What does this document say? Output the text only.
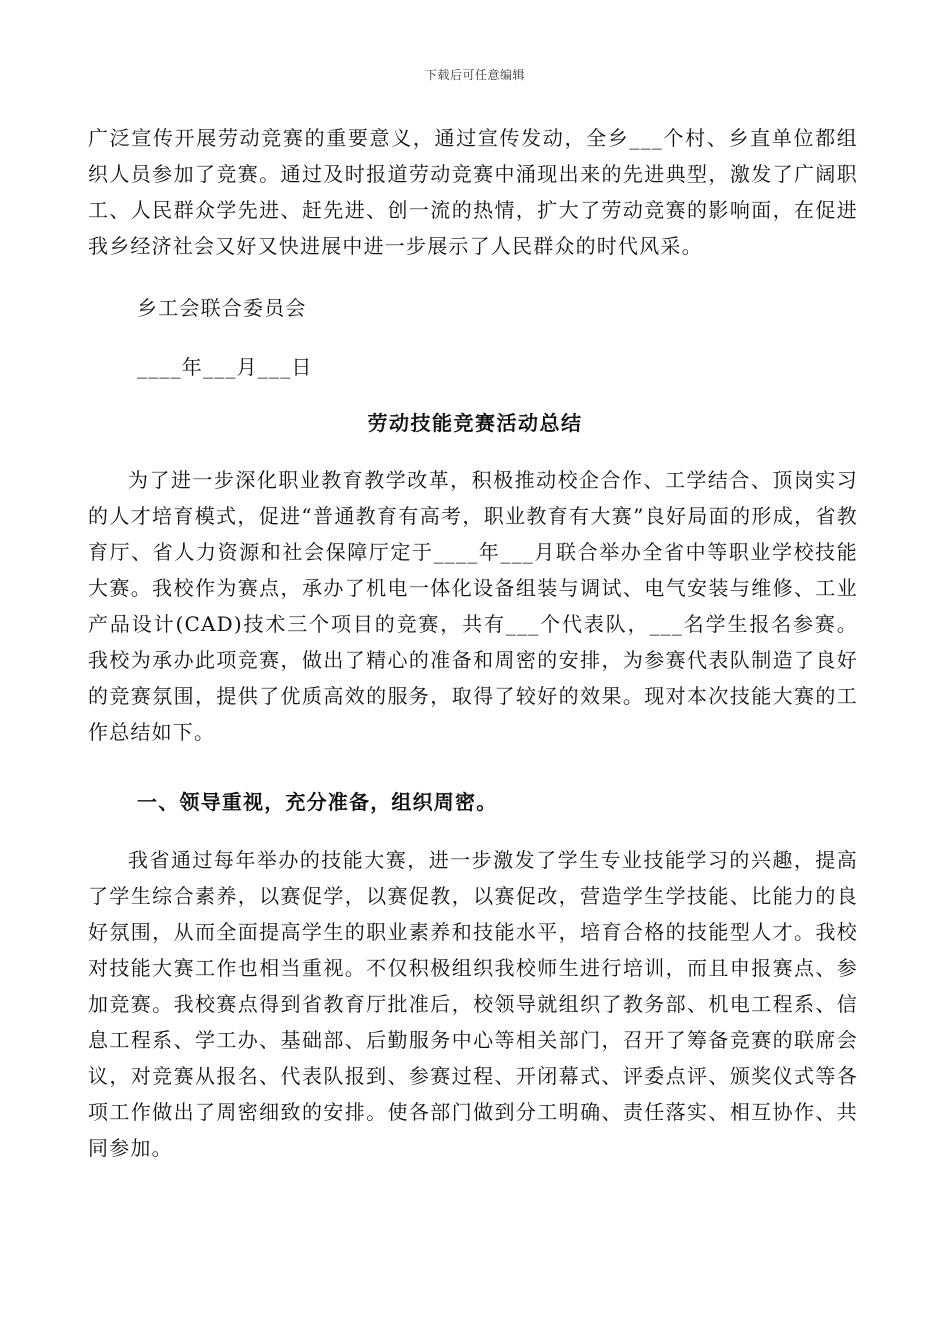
下载后可任意编辑
广泛宣传开展劳动竞赛的重要意义，通过宣传发动，全乡___个村、乡直单位都组织人员参加了竞赛。通过及时报道劳动竞赛中涌现出来的先进典型，激发了广阔职工、人民群众学先进、赶先进、创一流的热情，扩大了劳动竞赛的影响面，在促进我乡经济社会又好又快进展中进一步展示了人民群众的时代风采。
乡工会联合委员会
____年___月___日
劳动技能竞赛活动总结
为了进一步深化职业教育教学改革，积极推动校企合作、工学结合、顶岗实习的人才培育模式，促进“普通教育有高考，职业教育有大赛”良好局面的形成，省教育厅、省人力资源和社会保障厅定于____年___月联合举办全省中等职业学校技能大赛。我校作为赛点，承办了机电一体化设备组装与调试、电气安装与维修、工业产品设计(CAD)技术三个项目的竞赛，共有___个代表队，___名学生报名参赛。我校为承办此项竞赛，做出了精心的准备和周密的安排，为参赛代表队制造了良好的竞赛氛围，提供了优质高效的服务，取得了较好的效果。现对本次技能大赛的工作总结如下。
一、领导重视，充分准备，组织周密。
我省通过每年举办的技能大赛，进一步激发了学生专业技能学习的兴趣，提高了学生综合素养，以赛促学，以赛促教，以赛促改，营造学生学技能、比能力的良好氛围，从而全面提高学生的职业素养和技能水平，培育合格的技能型人才。我校对技能大赛工作也相当重视。不仅积极组织我校师生进行培训，而且申报赛点、参加竞赛。我校赛点得到省教育厅批准后，校领导就组织了教务部、机电工程系、信息工程系、学工办、基础部、后勤服务中心等相关部门，召开了筹备竞赛的联席会议，对竞赛从报名、代表队报到、参赛过程、开闭幕式、评委点评、颁奖仪式等各项工作做出了周密细致的安排。使各部门做到分工明确、责任落实、相互协作、共同参加。
